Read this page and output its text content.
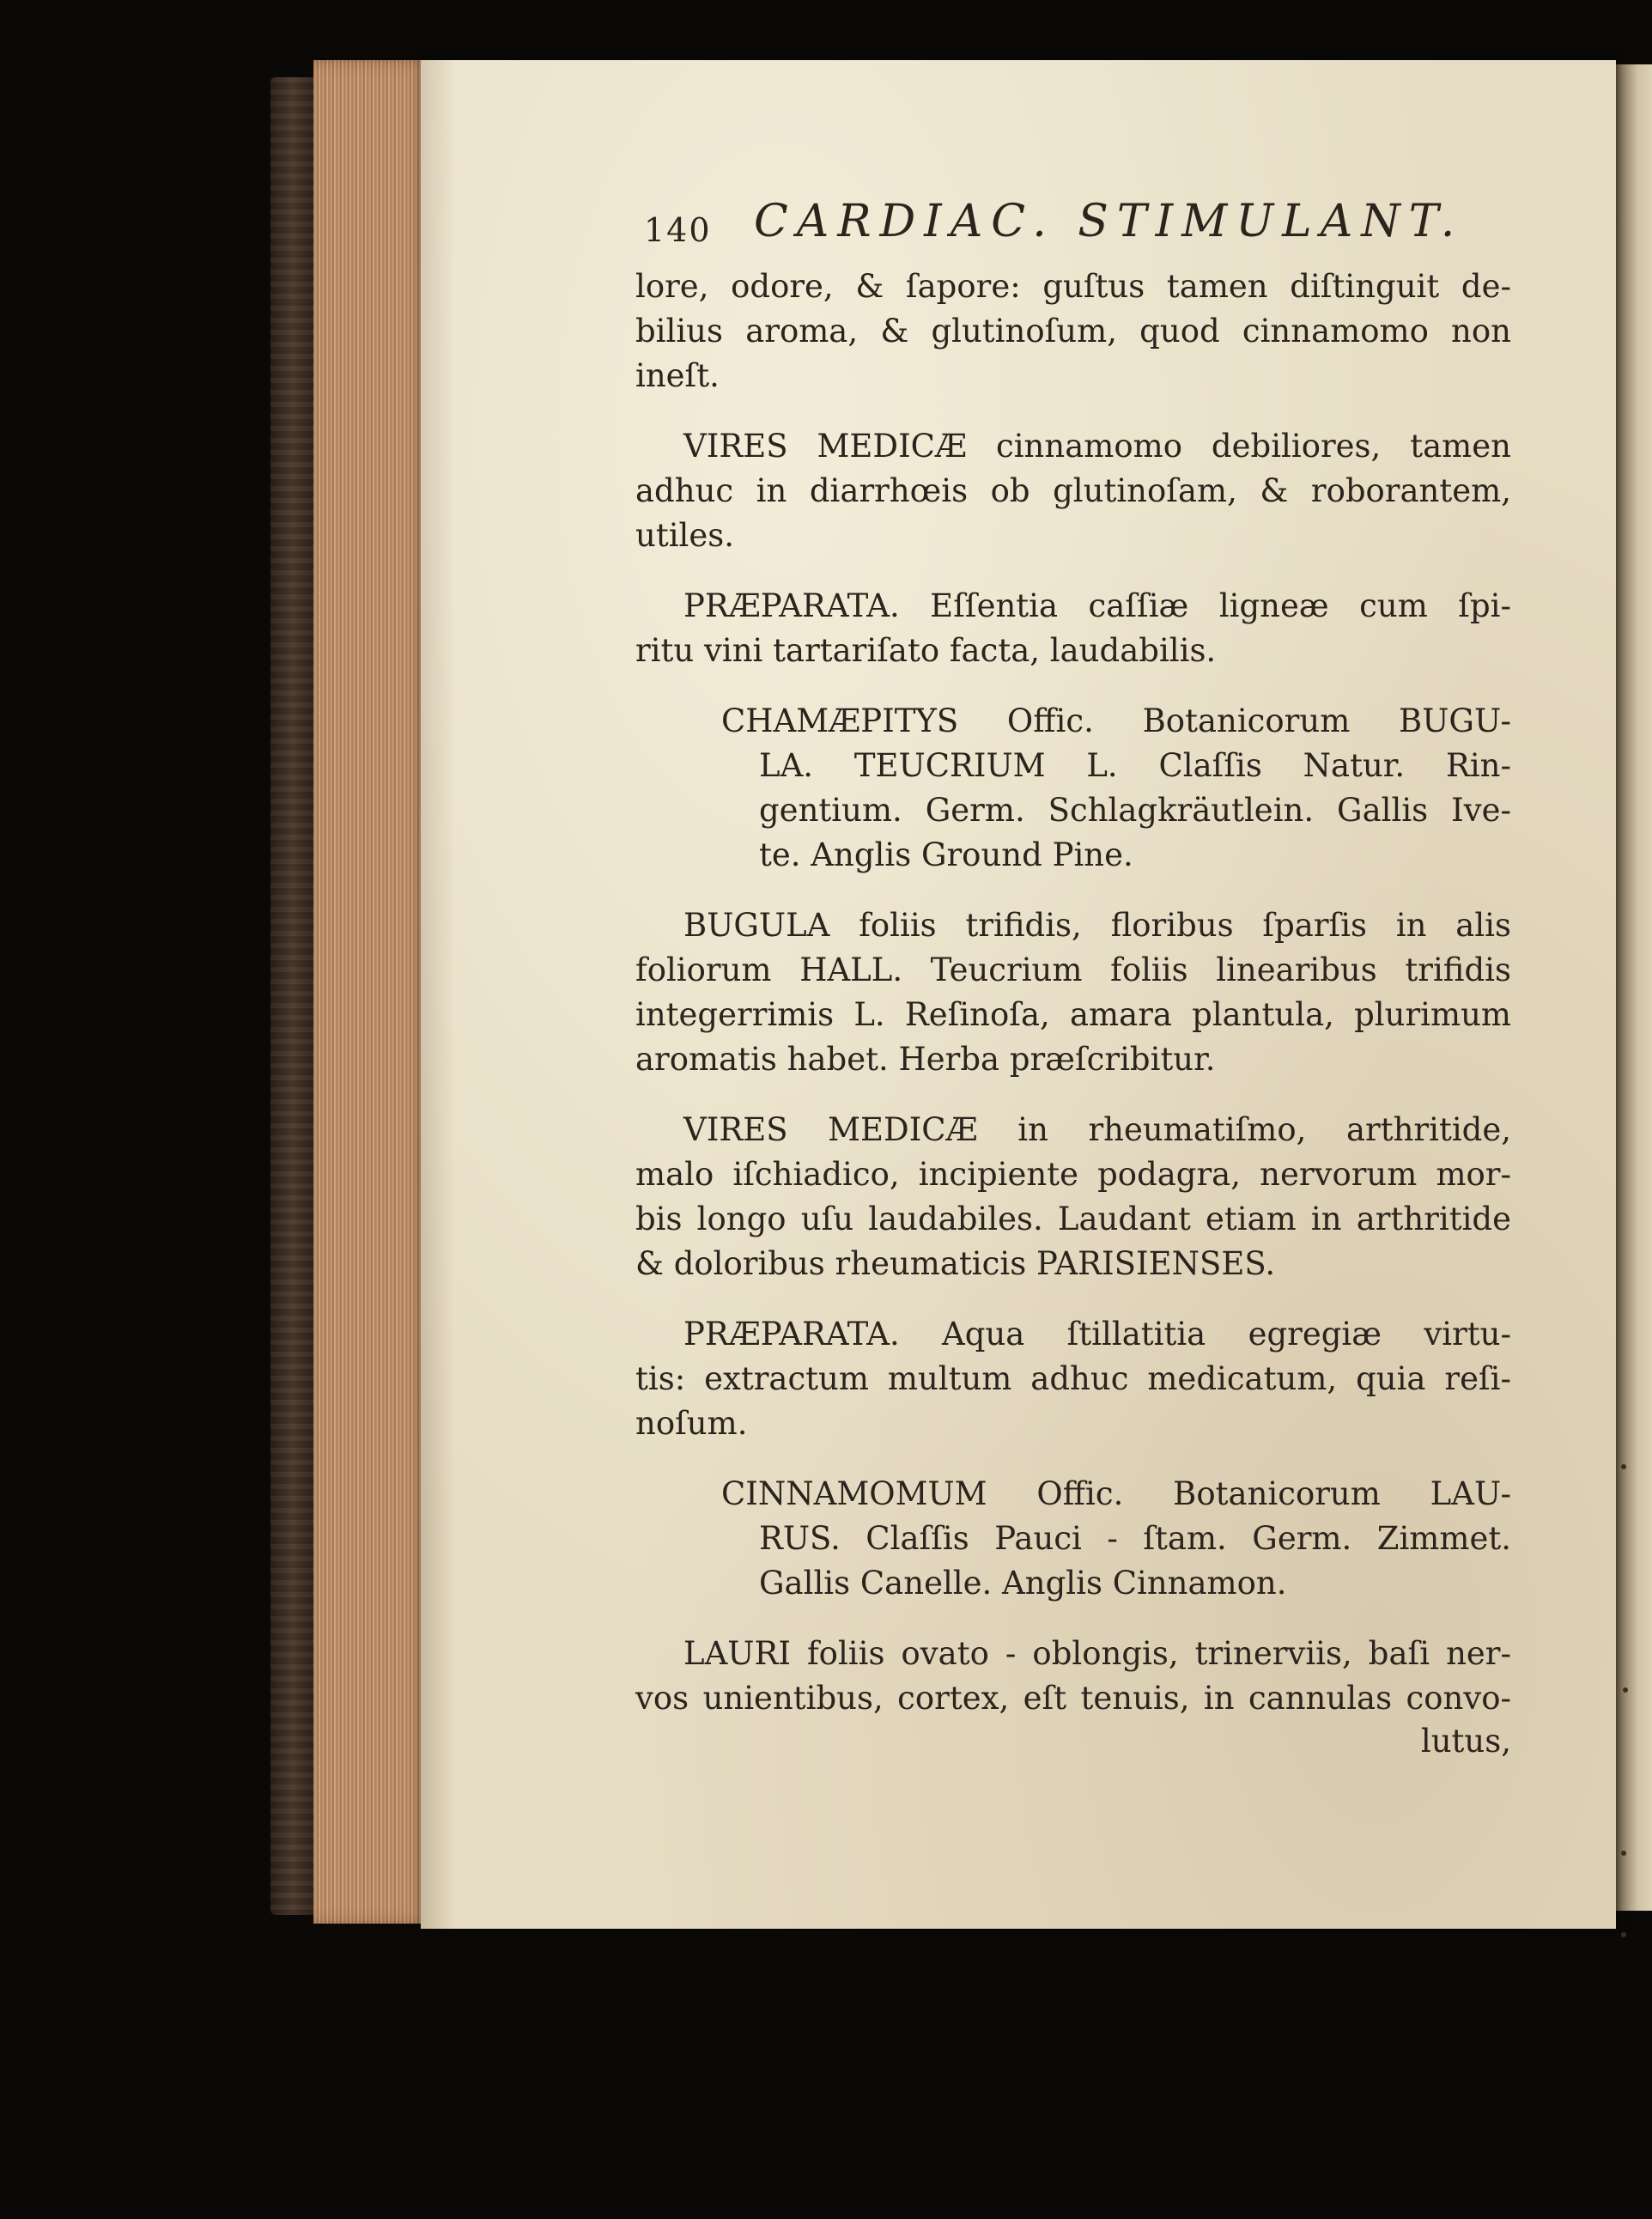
140 CARDIAC. STIMULANT.
lore, odore, & ſapore: guſtus tamen diſtinguit de-
bilius aroma, & glutinoſum, quod cinnamomo non
ineſt.
VIRES MEDICÆ cinnamomo debiliores, tamen
adhuc in diarrhœis ob glutinoſam, & roborantem,
utiles.
PRÆPARATA. Eſſentia caſſiæ ligneæ cum ſpi-
ritu vini tartariſato facta, laudabilis.
CHAMÆPITYS Offic. Botanicorum BUGU-
LA. TEUCRIUM L. Claſſis Natur. Rin-
gentium. Germ. Schlagkräutlein. Gallis Ive-
te. Anglis Ground Pine.
BUGULA foliis trifidis, floribus ſparſis in alis
foliorum HALL. Teucrium foliis linearibus trifidis
integerrimis L. Reſinoſa, amara plantula, plurimum
aromatis habet. Herba præſcribitur.
VIRES MEDICÆ in rheumatiſmo, arthritide,
malo iſchiadico, incipiente podagra, nervorum mor-
bis longo uſu laudabiles. Laudant etiam in arthritide
& doloribus rheumaticis PARISIENSES.
PRÆPARATA. Aqua ſtillatitia egregiæ virtu-
tis: extractum multum adhuc medicatum, quia reſi-
noſum.
CINNAMOMUM Offic. Botanicorum LAU-
RUS. Claſſis Pauci - ſtam. Germ. Zimmet.
Gallis Canelle. Anglis Cinnamon.
LAURI foliis ovato - oblongis, trinerviis, baſi ner-
vos unientibus, cortex, eſt tenuis, in cannulas convo-
lutus,
